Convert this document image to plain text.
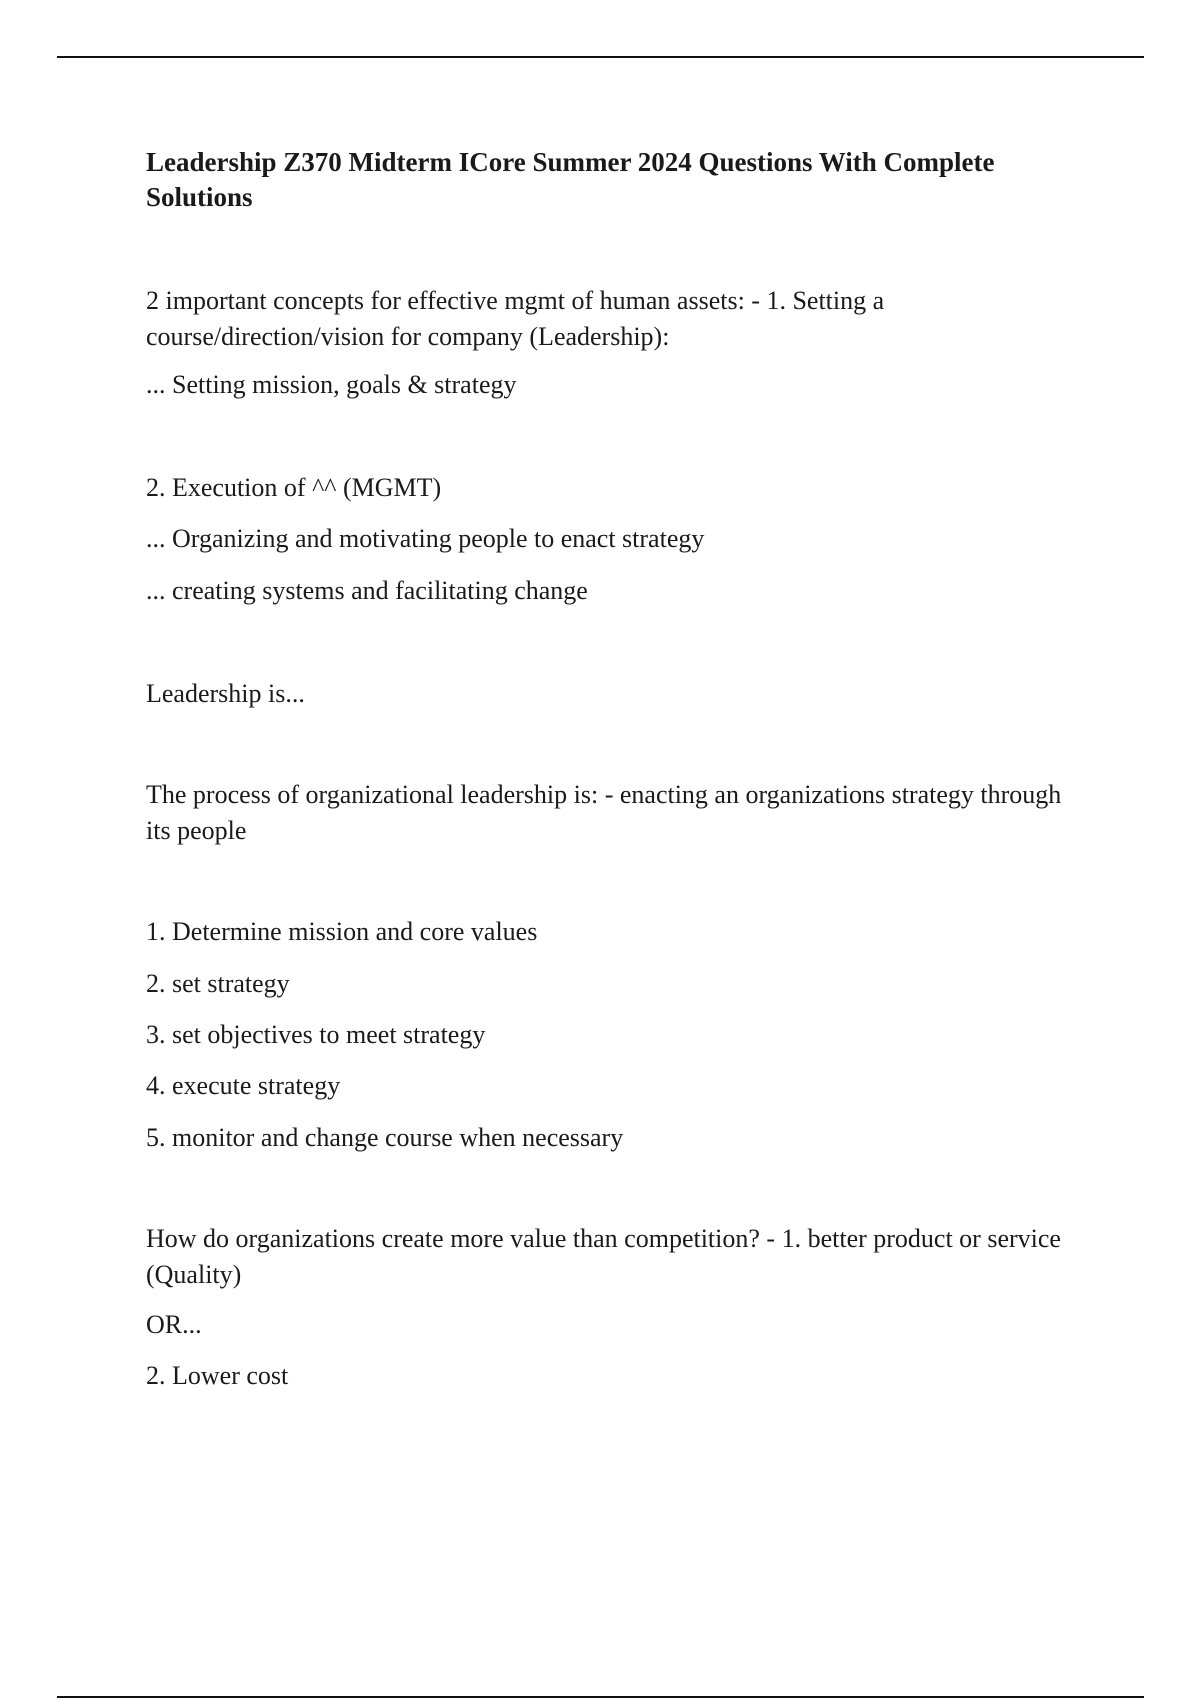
Leadership Z370 Midterm ICore Summer 2024 Questions With Complete Solutions

2 important concepts for effective mgmt of human assets: - 1. Setting a course/direction/vision for company (Leadership):

... Setting mission, goals & strategy

2. Execution of ^^ (MGMT)

... Organizing and motivating people to enact strategy

... creating systems and facilitating change

Leadership is...

The process of organizational leadership is: - enacting an organizations strategy through its people

1. Determine mission and core values

2. set strategy

3. set objectives to meet strategy

4. execute strategy

5. monitor and change course when necessary

How do organizations create more value than competition? - 1. better product or service (Quality)

OR...

2. Lower cost
